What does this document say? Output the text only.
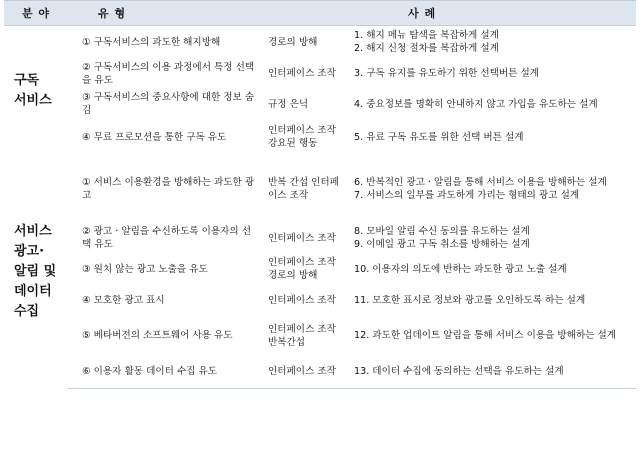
분 야	유 형		사 례
구독
서비스	① 구독서비스의 과도한 해지방해	경로의 방해	1. 해지 메뉴 탐색을 복잡하게 설계
2. 해지 신청 절차를 복잡하게 설계

	② 구독서비스의 이용 과정에서 특정 선택을 유도	인터페이스 조작	3. 구독 유지를 유도하기 위한 선택버튼 설계

	③ 구독서비스의 중요사항에 대한 정보 숨김	규정 은닉	4. 중요정보를 명확히 안내하지 않고 가입을 유도하는 설계

	④ 무료 프로모션을 통한 구독 유도	인터페이스 조작 강요된 행동	5. 유료 구독 유도를 위한 선택 버튼 설계

서비스
광고·
알림 및
데이터
수집	① 서비스 이용환경을 방해하는 과도한 광고	반복 간섭 인터페이스 조작	6. 반복적인 광고 · 알림을 통해 서비스 이용을 방해하는 설계
7. 서비스의 일부를 과도하게 가리는 형태의 광고 설계

	② 광고 · 알림을 수신하도록 이용자의 선택 유도	인터페이스 조작	8. 모바일 알림 수신 동의를 유도하는 설계
9. 이메일 광고 구독 취소를 방해하는 설계

	③ 원치 않는 광고 노출을 유도	인터페이스 조작 경로의 방해	10. 이용자의 의도에 반하는 과도한 광고 노출 설계

	④ 모호한 광고 표시	인터페이스 조작	11. 모호한 표시로 정보와 광고를 오인하도록 하는 설계

	⑤ 베타버전의 소프트웨어 사용 유도	인터페이스 조작 반복간섭	12. 과도한 업데이트 알림을 통해 서비스 이용을 방해하는 설계

	⑥ 이용자 활동 데이터 수집 유도	인터페이스 조작	13. 데이터 수집에 동의하는 선택을 유도하는 설계
